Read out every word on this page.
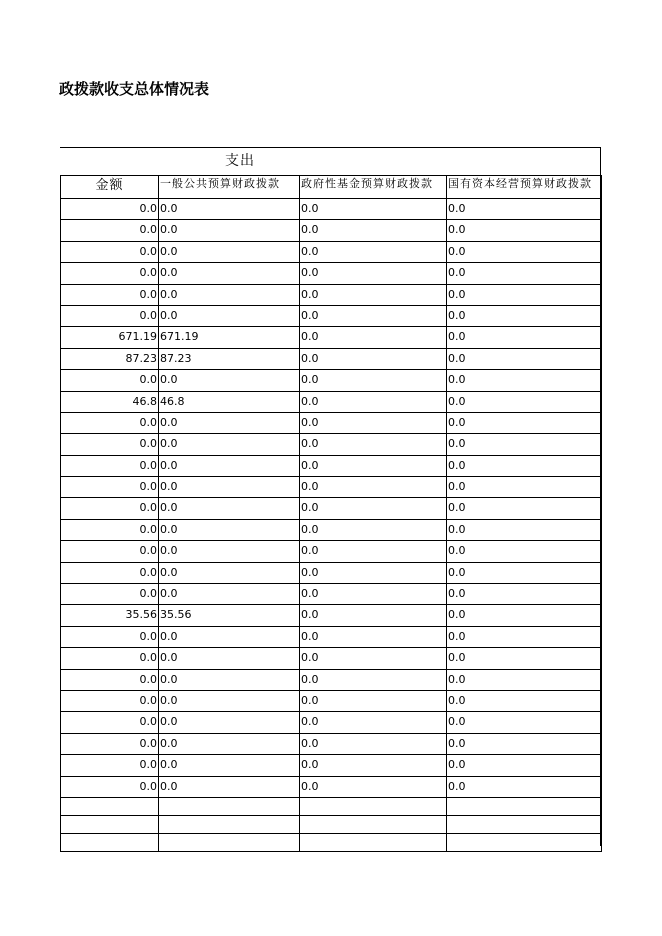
政拨款收支总体情况表
支出
金额	一般公共预算财政拨款	政府性基金预算财政拨款	国有资本经营预算财政拨款
0.0	0.0	0.0	0.0
0.0	0.0	0.0	0.0
0.0	0.0	0.0	0.0
0.0	0.0	0.0	0.0
0.0	0.0	0.0	0.0
0.0	0.0	0.0	0.0
671.19	671.19	0.0	0.0
87.23	87.23	0.0	0.0
0.0	0.0	0.0	0.0
46.8	46.8	0.0	0.0
0.0	0.0	0.0	0.0
0.0	0.0	0.0	0.0
0.0	0.0	0.0	0.0
0.0	0.0	0.0	0.0
0.0	0.0	0.0	0.0
0.0	0.0	0.0	0.0
0.0	0.0	0.0	0.0
0.0	0.0	0.0	0.0
0.0	0.0	0.0	0.0
35.56	35.56	0.0	0.0
0.0	0.0	0.0	0.0
0.0	0.0	0.0	0.0
0.0	0.0	0.0	0.0
0.0	0.0	0.0	0.0
0.0	0.0	0.0	0.0
0.0	0.0	0.0	0.0
0.0	0.0	0.0	0.0
0.0	0.0	0.0	0.0
